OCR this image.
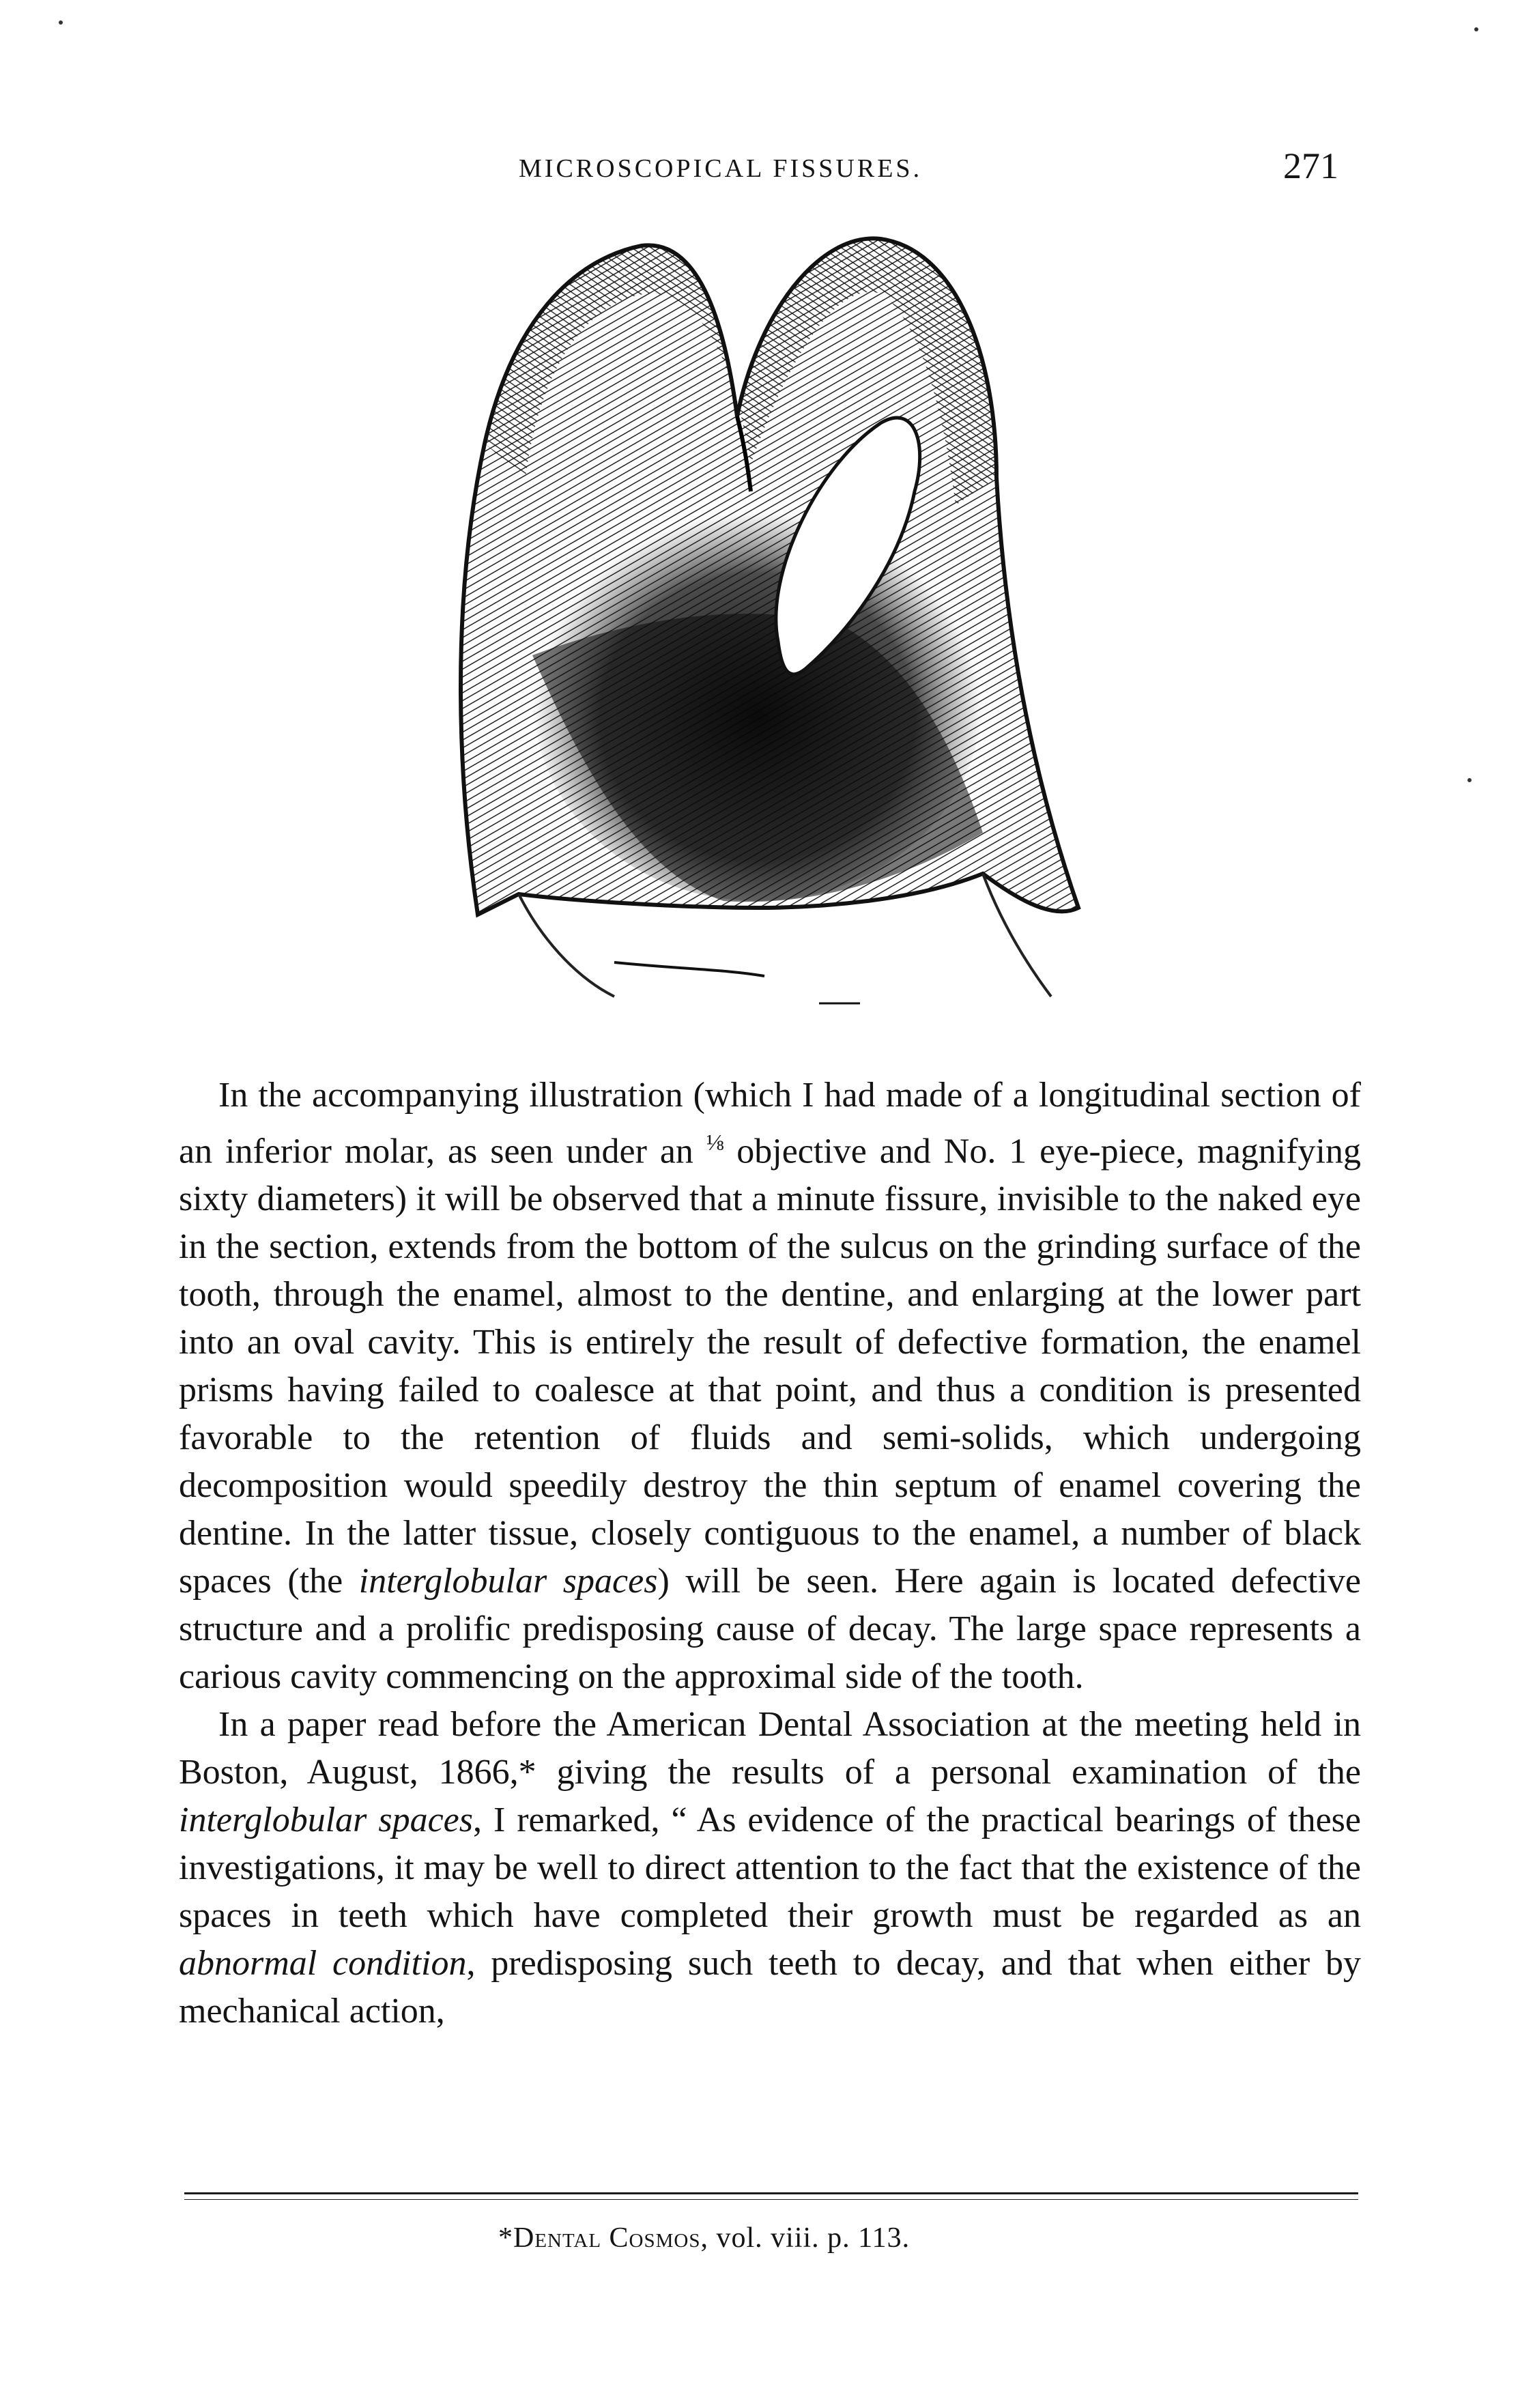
MICROSCOPICAL FISSURES.	271

In the accompanying illustration (which I had made of a longitudinal section of an inferior molar, as seen under an $^{\frac{1}{8}}$ objective and No. 1 eye-piece, magnifying sixty diameters) it will be observed that a minute fissure, invisible to the naked eye in the section, extends from the bottom of the sulcus on the grinding surface of the tooth, through the enamel, almost to the dentine, and enlarging at the lower part into an oval cavity. This is entirely the result of defective formation, the enamel prisms having failed to coalesce at that point, and thus a condition is presented favorable to the retention of fluids and semi-solids, which undergoing decomposition would speedily destroy the thin septum of enamel covering the dentine. In the latter tissue, closely contiguous to the enamel, a number of black spaces (the interglobular spaces) will be seen. Here again is located defective structure and a prolific predisposing cause of decay. The large space represents a carious cavity commencing on the approximal side of the tooth.

In a paper read before the American Dental Association at the meeting held in Boston, August, 1866,* giving the results of a personal examination of the interglobular spaces, I remarked, “ As evidence of the practical bearings of these investigations, it may be well to direct attention to the fact that the existence of the spaces in teeth which have completed their growth must be regarded as an abnormal condition, predisposing such teeth to decay, and that when either by mechanical action,

*Dental Cosmos, vol. viii. p. 113.
